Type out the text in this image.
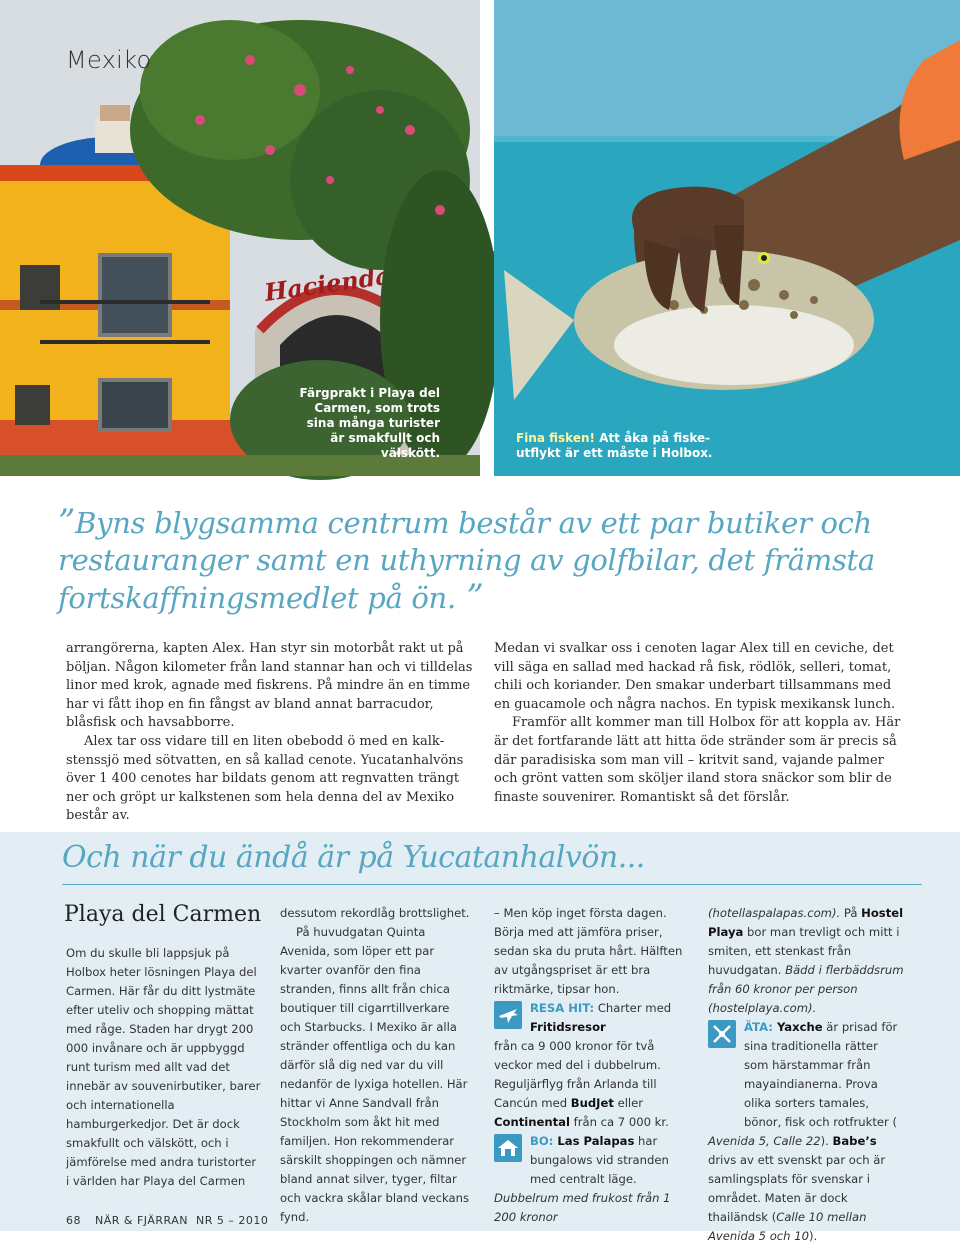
Hacienda
Mexiko
Färgprakt i Playa del Carmen, som trots sina många turister är smakfullt och välskött.
Fina fisken! Att åka på fiske-utflykt är ett måste i Holbox.
”Byns blygsamma centrum består av ett par butiker och restauranger samt en uthyrning av golfbilar, det främsta fortskaffningsmedlet på ön. ”

arrangörerna, kapten Alex. Han styr sin motorbåt rakt ut på böljan. Någon kilometer från land stannar han och vi tilldelas linor med krok, agnade med fiskrens. På mindre än en timme har vi fått ihop en fin fångst av bland annat barracudor, blåsfisk och havsabborre.

Alex tar oss vidare till en liten obebodd ö med en kalkstenssjö med sötvatten, en så kallad cenote. Yucatanhalvöns över 1 400 cenotes har bildats genom att regnvatten trängt ner och gröpt ur kalkstenen som hela denna del av Mexiko består av.

Medan vi svalkar oss i cenoten lagar Alex till en ceviche, det vill säga en sallad med hackad rå fisk, rödlök, selleri, tomat, chili och koriander. Den smakar underbart tillsammans med en guacamole och några nachos. En typisk mexikansk lunch.

Framför allt kommer man till Holbox för att koppla av. Här är det fortfarande lätt att hitta öde stränder som är precis så där paradisiska som man vill – kritvit sand, vajande palmer och grönt vatten som sköljer iland stora snäckor som blir de finaste souvenirer. Romantiskt så det förslår.

Och när du ändå är på Yucatanhalvön...
Playa del Carmen

Om du skulle bli lappsjuk på Holbox heter lösningen Playa del Carmen. Här får du ditt lystmäte efter uteliv och shopping mättat med råge. Staden har drygt 200 000 invånare och är uppbyggd runt turism med allt vad det innebär av souvenirbutiker, barer och internationella hamburgerkedjor. Det är dock smakfullt och välskött, och i jämförelse med andra turistorter i världen har Playa del Carmen

dessutom rekordlåg brottslighet.

På huvudgatan Quinta Avenida, som löper ett par kvarter ovanför den fina stranden, finns allt från chica boutiquer till cigarrtillverkare och Starbucks. I Mexiko är alla stränder offentliga och du kan därför slå dig ned var du vill nedanför de lyxiga hotellen. Här hittar vi Anne Sandvall från Stockholm som åkt hit med familjen. Hon rekommenderar särskilt shoppingen och nämner bland annat silver, tyger, filtar och vackra skålar bland veckans fynd.

– Men köp inget första dagen. Börja med att jämföra priser, sedan ska du pruta hårt. Hälften av utgångspriset är ett bra riktmärke, tipsar hon.

RESA HIT: Charter med Fritidsresor
från ca 9 000 kronor för två veckor med del i dubbelrum. Reguljärflyg från Arlanda till Cancún med BudJet eller Continental från ca 7 000 kr.
BO: Las Palapas har bungalows vid stranden med centralt läge.
Dubbelrum med frukost från 1 200 kronor
(hotellaspalapas.com). På Hostel Playa bor man trevligt och mitt i smiten, ett stenkast från huvudgatan. Bädd i flerbäddsrum från 60 kronor per person (hostelplaya.com).
ÄTA: Yaxche är prisad för sina traditionella rätter som härstammar från mayaindianerna. Prova olika sorters tamales, bönor, fisk och rotfrukter (
Avenida 5, Calle 22). Babe’s drivs av ett svenskt par och är samlingsplats för svenskar i området. Maten är dock thailändsk (Calle 10 mellan Avenida 5 och 10).
68 NÄR & FJÄRRAN NR 5 – 2010
